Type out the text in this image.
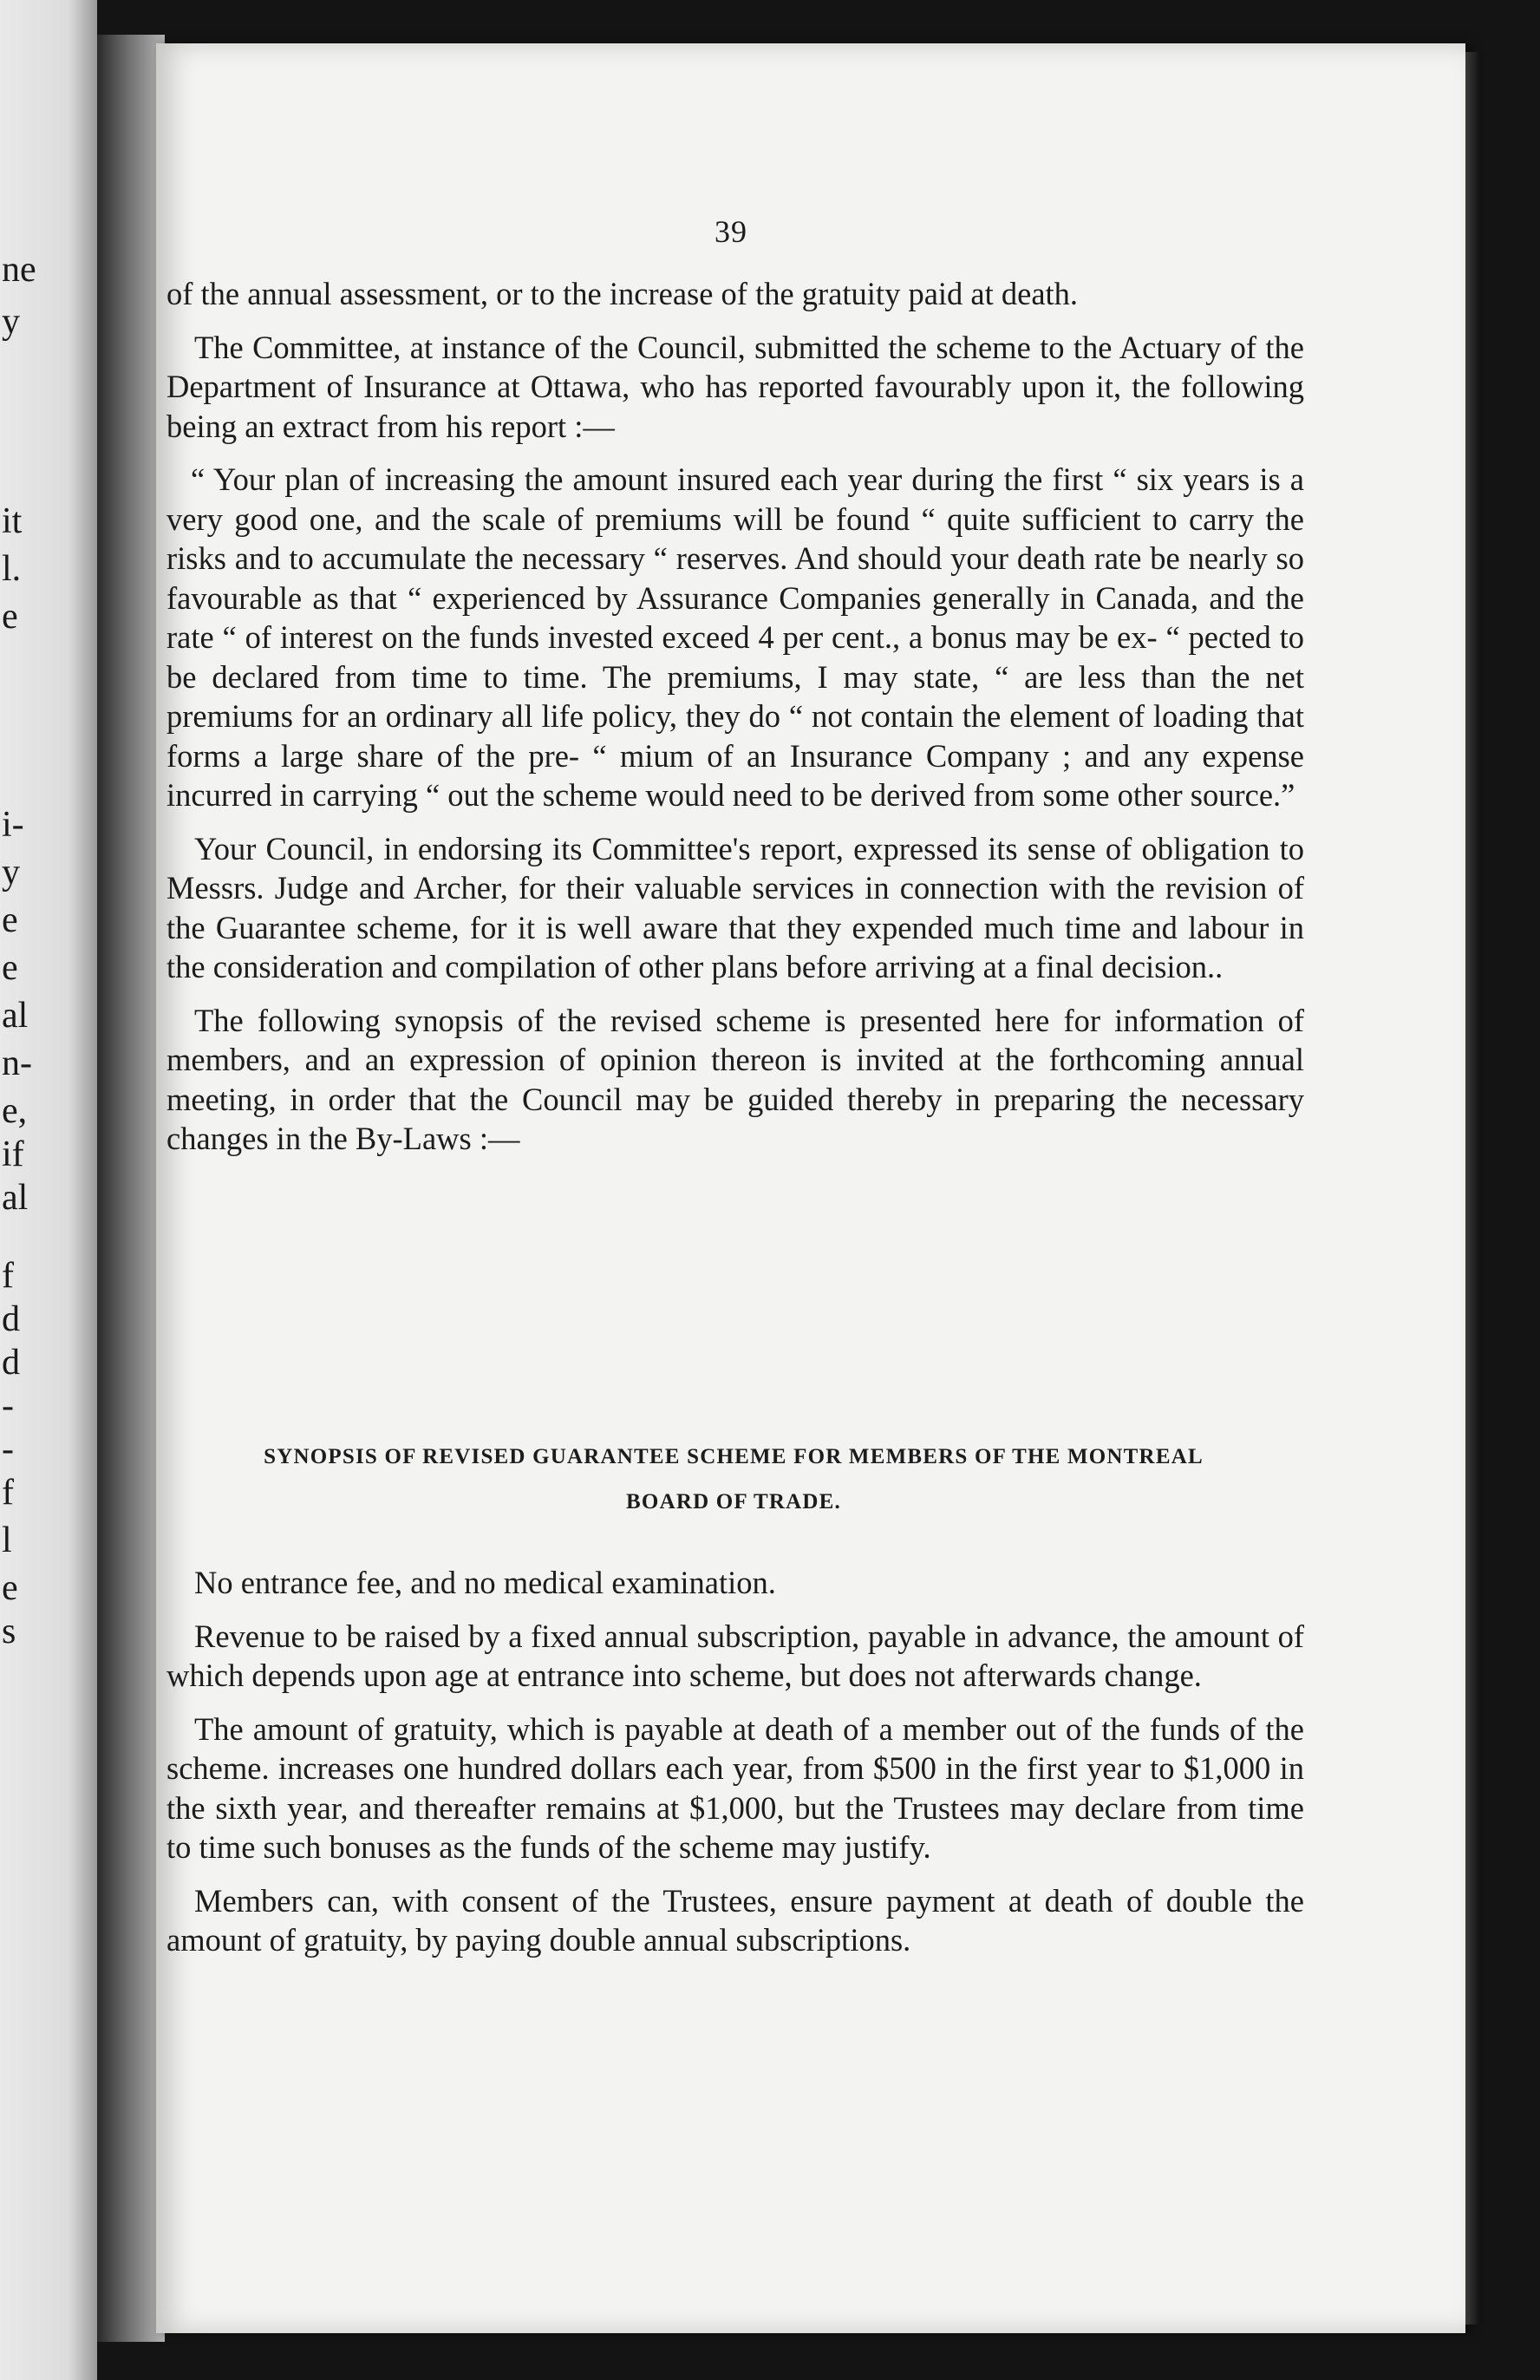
ne
y
it
l.
e
i-
y
e
e
al
n-
e,
if
al
f
d
d
-
-
f
l
e
s
39

of the annual assessment, or to the increase of the gratuity paid at death.

The Committee, at instance of the Council, submitted the scheme to the Actuary of the Department of Insurance at Ottawa, who has reported favourably upon it, the following being an extract from his report :—

“ Your plan of increasing the amount insured each year during the first “ six years is a very good one, and the scale of premiums will be found “ quite sufficient to carry the risks and to accumulate the necessary “ reserves. And should your death rate be nearly so favourable as that “ experienced by Assurance Companies generally in Canada, and the rate “ of interest on the funds invested exceed 4 per cent., a bonus may be ex- “ pected to be declared from time to time. The premiums, I may state, “ are less than the net premiums for an ordinary all life policy, they do “ not contain the element of loading that forms a large share of the pre- “ mium of an Insurance Company ; and any expense incurred in carrying “ out the scheme would need to be derived from some other source.”

Your Council, in endorsing its Committee's report, expressed its sense of obligation to Messrs. Judge and Archer, for their valuable services in connection with the revision of the Guarantee scheme, for it is well aware that they expended much time and labour in the consideration and compilation of other plans before arriving at a final decision..

The following synopsis of the revised scheme is presented here for information of members, and an expression of opinion thereon is invited at the forthcoming annual meeting, in order that the Council may be guided thereby in preparing the necessary changes in the By-Laws :—

SYNOPSIS OF REVISED GUARANTEE SCHEME FOR MEMBERS OF THE MONTREAL
BOARD OF TRADE.

No entrance fee, and no medical examination.

Revenue to be raised by a fixed annual subscription, payable in advance, the amount of which depends upon age at entrance into scheme, but does not afterwards change.

The amount of gratuity, which is payable at death of a member out of the funds of the scheme. increases one hundred dollars each year, from $500 in the first year to $1,000 in the sixth year, and thereafter remains at $1,000, but the Trustees may declare from time to time such bonuses as the funds of the scheme may justify.

Members can, with consent of the Trustees, ensure payment at death of double the amount of gratuity, by paying double annual subscriptions.
